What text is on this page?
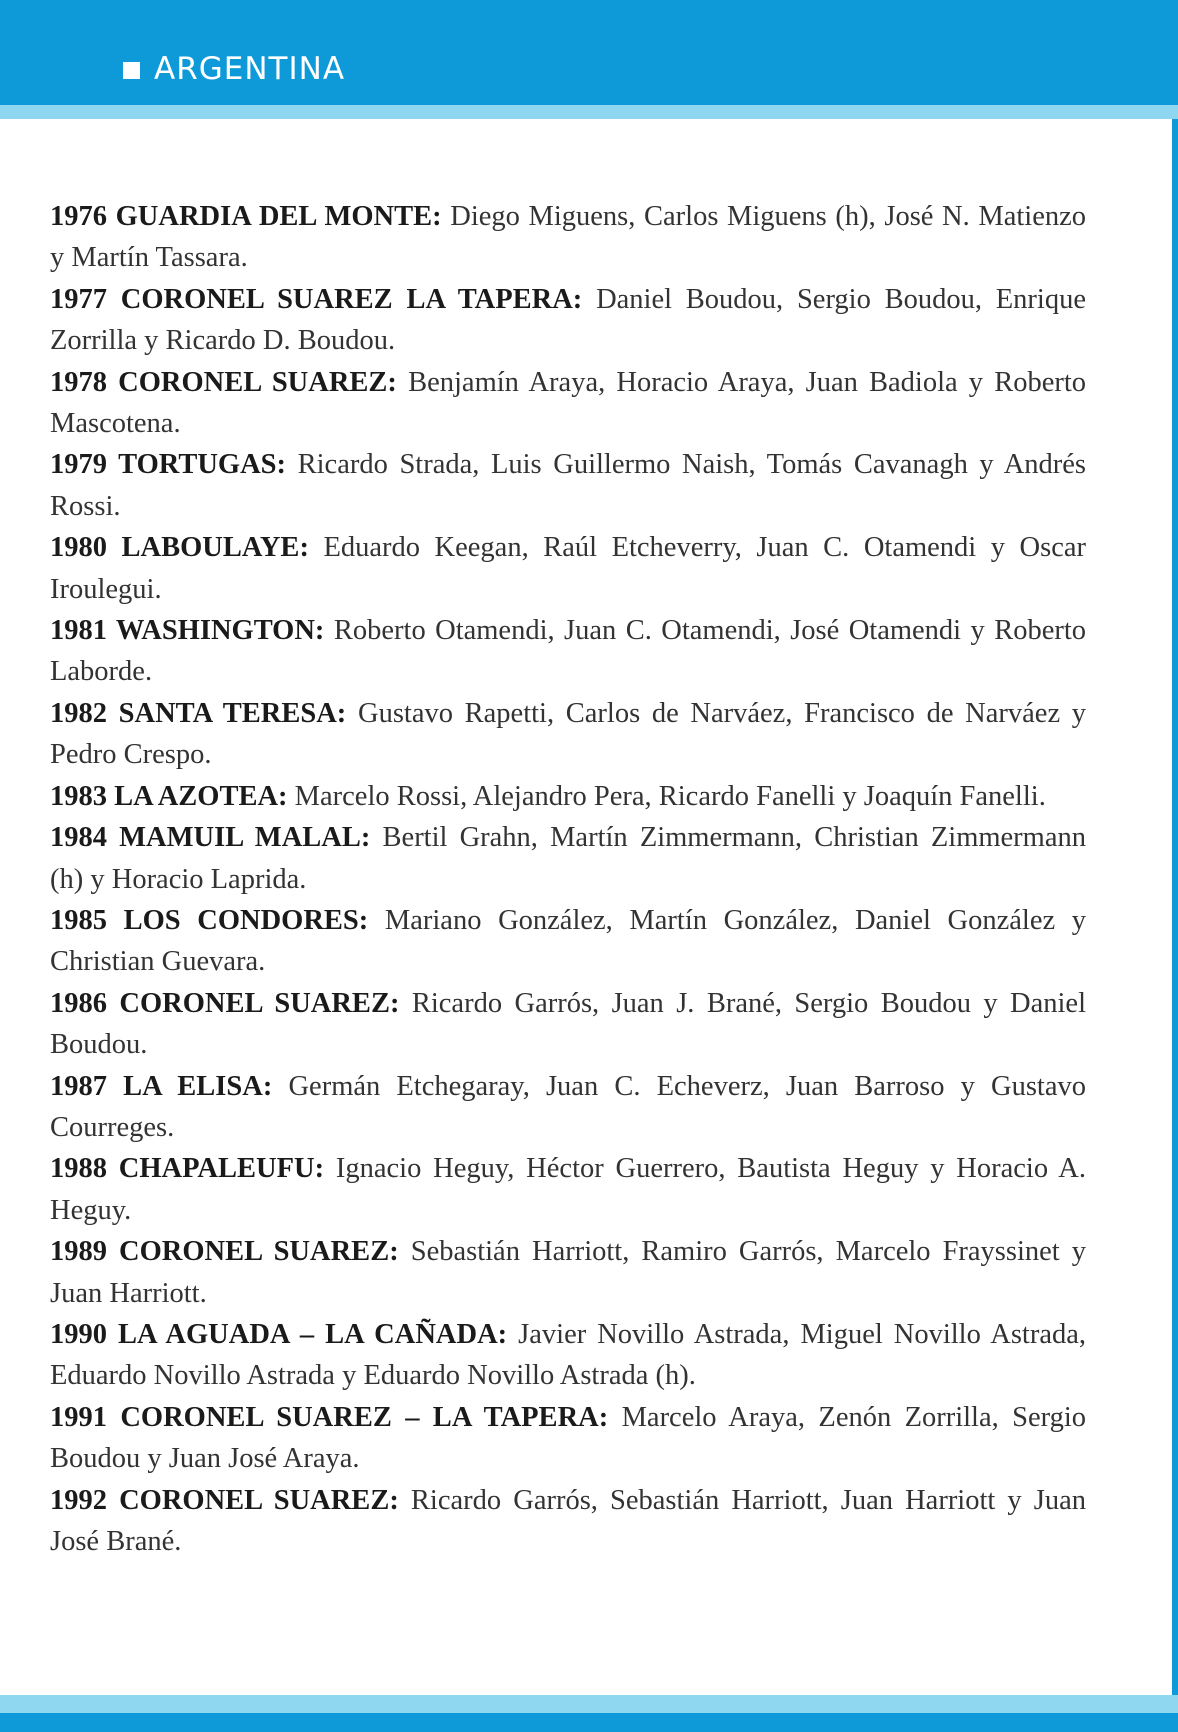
ARGENTINA

1976 GUARDIA DEL MONTE: Diego Miguens, Carlos Miguens (h), José N. Matienzo y Martín Tassara.

1977 CORONEL SUAREZ LA TAPERA: Daniel Boudou, Sergio Boudou, Enrique Zorrilla y Ricardo D. Boudou.

1978 CORONEL SUAREZ: Benjamín Araya, Horacio Araya, Juan Badiola y Roberto Mascotena.

1979 TORTUGAS: Ricardo Strada, Luis Guillermo Naish, Tomás Cavanagh y Andrés Rossi.

1980 LABOULAYE: Eduardo Keegan, Raúl Etcheverry, Juan C. Otamendi y Oscar Iroulegui.

1981 WASHINGTON: Roberto Otamendi, Juan C. Otamendi, José Otamendi y Roberto Laborde.

1982 SANTA TERESA: Gustavo Rapetti, Carlos de Narváez, Francisco de Narváez y Pedro Crespo.

1983 LA AZOTEA: Marcelo Rossi, Alejandro Pera, Ricardo Fanelli y Joaquín Fanelli.

1984 MAMUIL MALAL: Bertil Grahn, Martín Zimmermann, Christian Zimmermann (h) y Horacio Laprida.

1985 LOS CONDORES: Mariano González, Martín González, Daniel González y Christian Guevara.

1986 CORONEL SUAREZ: Ricardo Garrós, Juan J. Brané, Sergio Boudou y Daniel Boudou.

1987 LA ELISA: Germán Etchegaray, Juan C. Echeverz, Juan Barroso y Gustavo Courreges.

1988 CHAPALEUFU: Ignacio Heguy, Héctor Guerrero, Bautista Heguy y Horacio A. Heguy.

1989 CORONEL SUAREZ: Sebastián Harriott, Ramiro Garrós, Marcelo Frayssinet y Juan Harriott.

1990 LA AGUADA – LA CAÑADA: Javier Novillo Astrada, Miguel Novillo Astrada, Eduardo Novillo Astrada y Eduardo Novillo Astrada (h).

1991 CORONEL SUAREZ – LA TAPERA: Marcelo Araya, Zenón Zorrilla, Sergio Boudou y Juan José Araya.

1992 CORONEL SUAREZ: Ricardo Garrós, Sebastián Harriott, Juan Harriott y Juan José Brané.
